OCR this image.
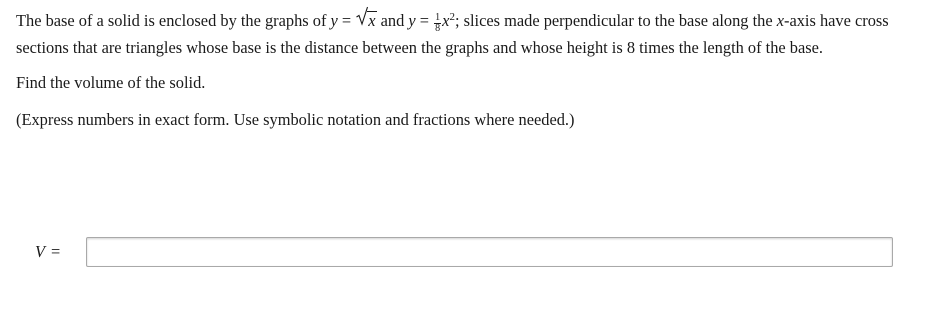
The base of a solid is enclosed by the graphs of y =
x and $y = \frac{1}{8} x^2$; slices made perpendicular to the base along the x-axis have cross sections that are triangles whose base is the distance between the graphs and whose height is 8 times the length of the base.

Find the volume of the solid.

(Express numbers in exact form. Use symbolic notation and fractions where needed.)

V =
